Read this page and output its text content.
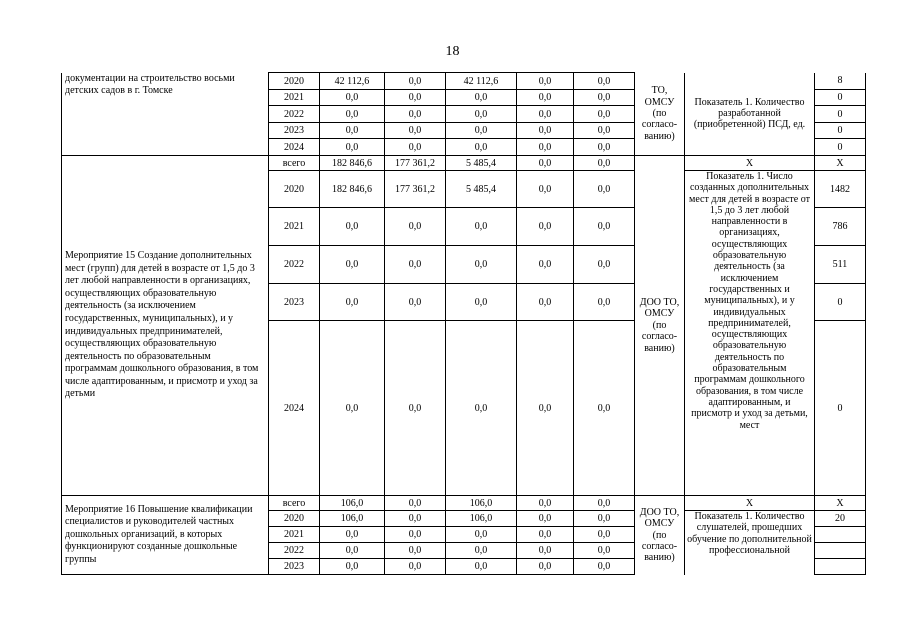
18
документации на строительство восьми детских садов в г. Томске	2020	42 112,6	0,0	42 112,6	0,0	0,0	ТО, ОМСУ (по согласо-ванию)	Показатель 1. Количество разработанной (приобретенной) ПСД, ед.	8
	2021	0,0	0,0	0,0	0,0	0,0			0
	2022	0,0	0,0	0,0	0,0	0,0			0
	2023	0,0	0,0	0,0	0,0	0,0			0
	2024	0,0	0,0	0,0	0,0	0,0			0
Мероприятие 15 Создание дополнительных мест (групп) для детей в возрасте от 1,5 до 3 лет любой направленности в организациях, осуществляющих образовательную деятельность (за исключением государственных, муниципальных), и у индивидуальных предпринимателей, осуществляющих образовательную деятельность по образовательным программам дошкольного образования, в том числе адаптированным, и присмотр и уход за детьми	всего	182 846,6	177 361,2	5 485,4	0,0	0,0	ДОО ТО, ОМСУ (по согласо-ванию)	Х	Х
	2020	182 846,6	177 361,2	5 485,4	0,0	0,0		Показатель 1. Число созданных дополнительных мест для детей в возрасте от 1,5 до 3 лет любой направленности в организациях, осуществляющих образовательную деятельность (за исключением государственных и муниципальных), и у индивидуальных предпринимателей, осуществляющих образовательную деятельность по образовательным программам дошкольного образования, в том числе адаптированным, и присмотр и уход за детьми, мест	1482
	2021	0,0	0,0	0,0	0,0	0,0			786
	2022	0,0	0,0	0,0	0,0	0,0			511
	2023	0,0	0,0	0,0	0,0	0,0			0
	2024	0,0	0,0	0,0	0,0	0,0			0
Мероприятие 16 Повышение квалификации специалистов и руководителей частных дошкольных организаций, в которых функционируют созданные дошкольные группы	всего	106,0	0,0	106,0	0,0	0,0	ДОО ТО, ОМСУ (по согласо-ванию)	Х	Х
	2020	106,0	0,0	106,0	0,0	0,0		Показатель 1. Количество слушателей, прошедших обучение по дополнительной профессиональной	20
	2021	0,0	0,0	0,0	0,0	0,0			
	2022	0,0	0,0	0,0	0,0	0,0			
	2023	0,0	0,0	0,0	0,0	0,0			
